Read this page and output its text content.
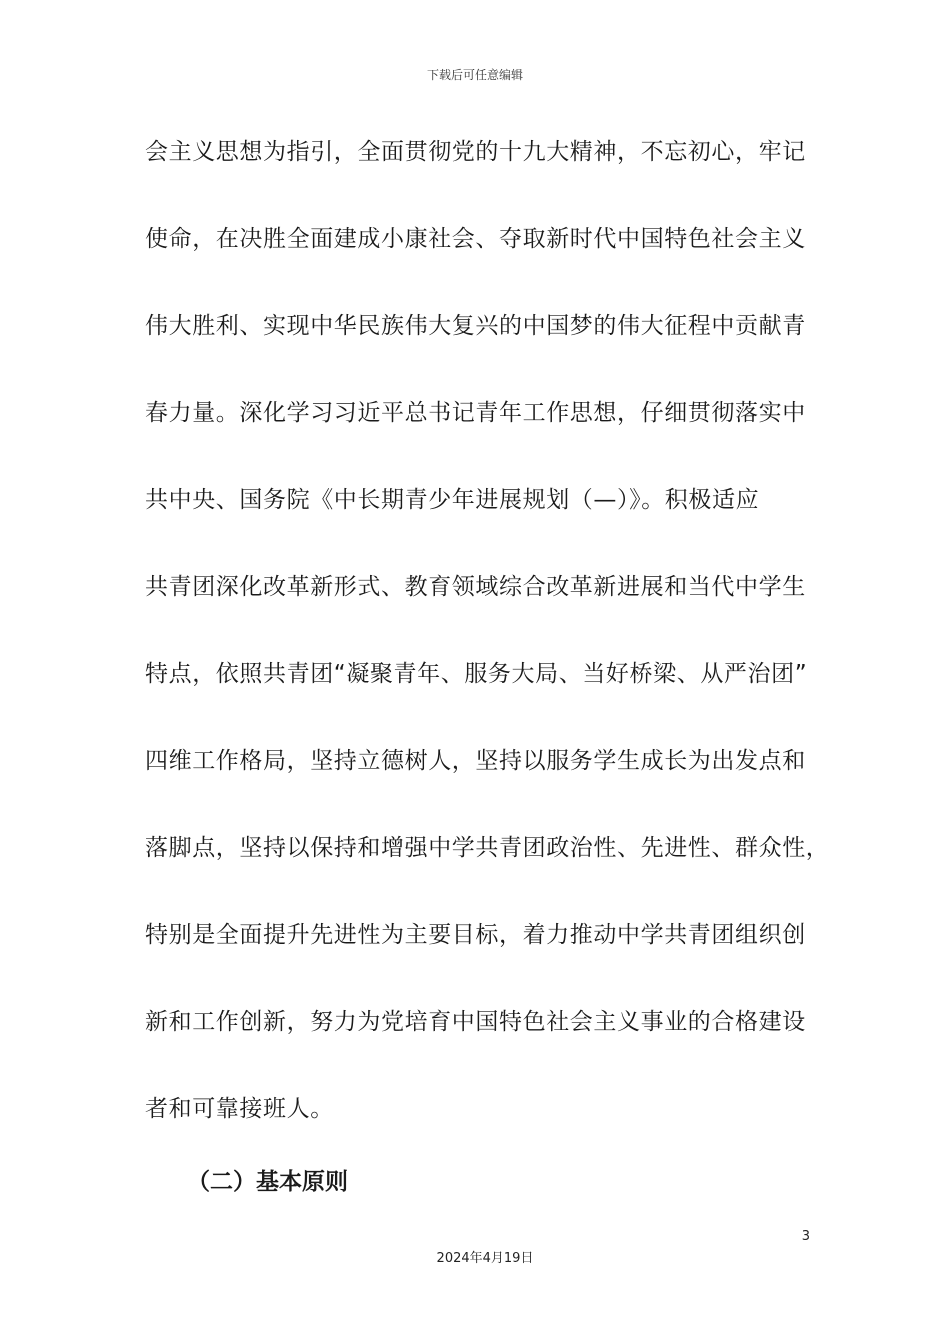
下载后可任意编辑
会主义思想为指引，全面贯彻党的十九大精神，不忘初心，牢记
使命，在决胜全面建成小康社会、夺取新时代中国特色社会主义
伟大胜利、实现中华民族伟大复兴的中国梦的伟大征程中贡献青
春力量。深化学习习近平总书记青年工作思想，仔细贯彻落实中
共中央、国务院《中长期青少年进展规划（—）》。积极适应
共青团深化改革新形式、教育领域综合改革新进展和当代中学生
特点，依照共青团“凝聚青年、服务大局、当好桥梁、从严治团”
四维工作格局，坚持立德树人，坚持以服务学生成长为出发点和
落脚点，坚持以保持和增强中学共青团政治性、先进性、群众性，
特别是全面提升先进性为主要目标，着力推动中学共青团组织创
新和工作创新，努力为党培育中国特色社会主义事业的合格建设
者和可靠接班人。
（二）基本原则
3
2024年4月19日
